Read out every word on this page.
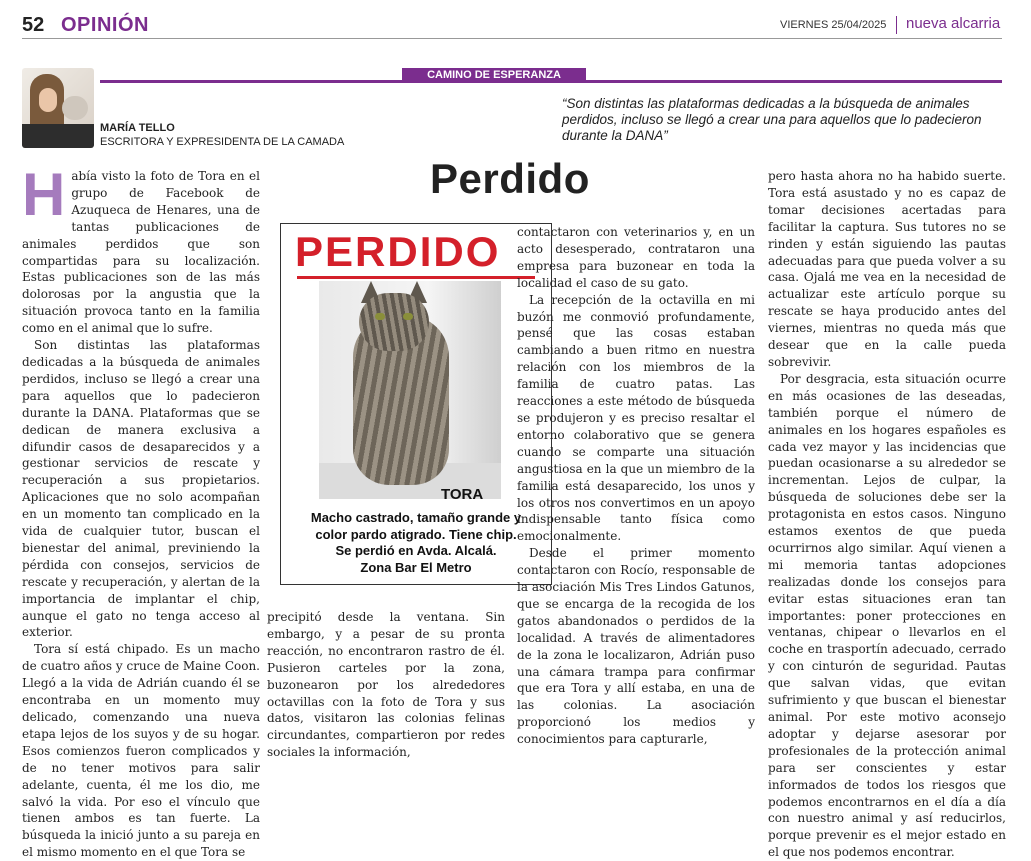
52 OPINIÓN	VIERNES 25/04/2025 nueva alcarria
CAMINO DE ESPERANZA
MARÍA TELLO
ESCRITORA Y EXPRESIDENTA DE LA CAMADA
“Son distintas las plataformas dedicadas a la búsqueda de animales perdidos, incluso se llegó a crear una para aquellos que lo padecieron durante la DANA”
Perdido

Había visto la foto de Tora en el grupo de Facebook de Azuqueca de Henares, una de tantas publicaciones de animales perdidos que son compartidas para su localización. Estas publicaciones son de las más dolorosas por la angustia que la situación provoca tanto en la familia como en el animal que lo sufre.

Son distintas las plataformas dedicadas a la búsqueda de animales perdidos, incluso se llegó a crear una para aquellos que lo padecieron durante la DANA. Plataformas que se dedican de manera exclusiva a difundir casos de desaparecidos y a gestionar servicios de rescate y recuperación a sus propietarios. Aplicaciones que no solo acompañan en un momento tan complicado en la vida de cualquier tutor, buscan el bienestar del animal, previniendo la pérdida con consejos, servicios de rescate y recuperación, y alertan de la importancia de implantar el chip, aunque el gato no tenga acceso al exterior.

Tora sí está chipado. Es un macho de cuatro años y cruce de Maine Coon. Llegó a la vida de Adrián cuando él se encontraba en un momento muy delicado, comenzando una nueva etapa lejos de los suyos y de su hogar. Esos comienzos fueron complicados y de no tener motivos para salir adelante, cuenta, él me los dio, me salvó la vida. Por eso el vínculo que tienen ambos es tan fuerte. La búsqueda la inició junto a su pareja en el mismo momento en el que Tora se

PERDIDO
TORA
Macho castrado, tamaño grande y
color pardo atigrado. Tiene chip.
Se perdió en Avda. Alcalá.
Zona Bar El Metro

precipitó desde la ventana. Sin embargo, y a pesar de su pronta reacción, no encontraron rastro de él. Pusieron carteles por la zona, buzonearon por los alrededores octavillas con la foto de Tora y sus datos, visitaron las colonias felinas circundantes, compartieron por redes sociales la información,

contactaron con veterinarios y, en un acto desesperado, contrataron una empresa para buzonear en toda la localidad el caso de su gato.

La recepción de la octavilla en mi buzón me conmovió profundamente, pensé que las cosas estaban cambiando a buen ritmo en nuestra relación con los miembros de la familia de cuatro patas. Las reacciones a este método de búsqueda se produjeron y es preciso resaltar el entorno colaborativo que se genera cuando se comparte una situación angustiosa en la que un miembro de la familia está desaparecido, los unos y los otros nos convertimos en un apoyo indispensable tanto física como emocionalmente.

Desde el primer momento contactaron con Rocío, responsable de la asociación Mis Tres Lindos Gatunos, que se encarga de la recogida de los gatos abandonados o perdidos de la localidad. A través de alimentadores de la zona le localizaron, Adrián puso una cámara trampa para confirmar que era Tora y allí estaba, en una de las colonias. La asociación proporcionó los medios y conocimientos para capturarle,

pero hasta ahora no ha habido suerte. Tora está asustado y no es capaz de tomar decisiones acertadas para facilitar la captura. Sus tutores no se rinden y están siguiendo las pautas adecuadas para que pueda volver a su casa. Ojalá me vea en la necesidad de actualizar este artículo porque su rescate se haya producido antes del viernes, mientras no queda más que desear que en la calle pueda sobrevivir.

Por desgracia, esta situación ocurre en más ocasiones de las deseadas, también porque el número de animales en los hogares españoles es cada vez mayor y las incidencias que puedan ocasionarse a su alrededor se incrementan. Lejos de culpar, la búsqueda de soluciones debe ser la protagonista en estos casos. Ninguno estamos exentos de que pueda ocurrirnos algo similar. Aquí vienen a mi memoria tantas adopciones realizadas donde los consejos para evitar estas situaciones eran tan importantes: poner protecciones en ventanas, chipear o llevarlos en el coche en trasportín adecuado, cerrado y con cinturón de seguridad. Pautas que salvan vidas, que evitan sufrimiento y que buscan el bienestar animal. Por este motivo aconsejo adoptar y dejarse asesorar por profesionales de la protección animal para ser conscientes y estar informados de todos los riesgos que podemos encontrarnos en el día a día con nuestro animal y así reducirlos, porque prevenir es el mejor estado en el que nos podemos encontrar.
